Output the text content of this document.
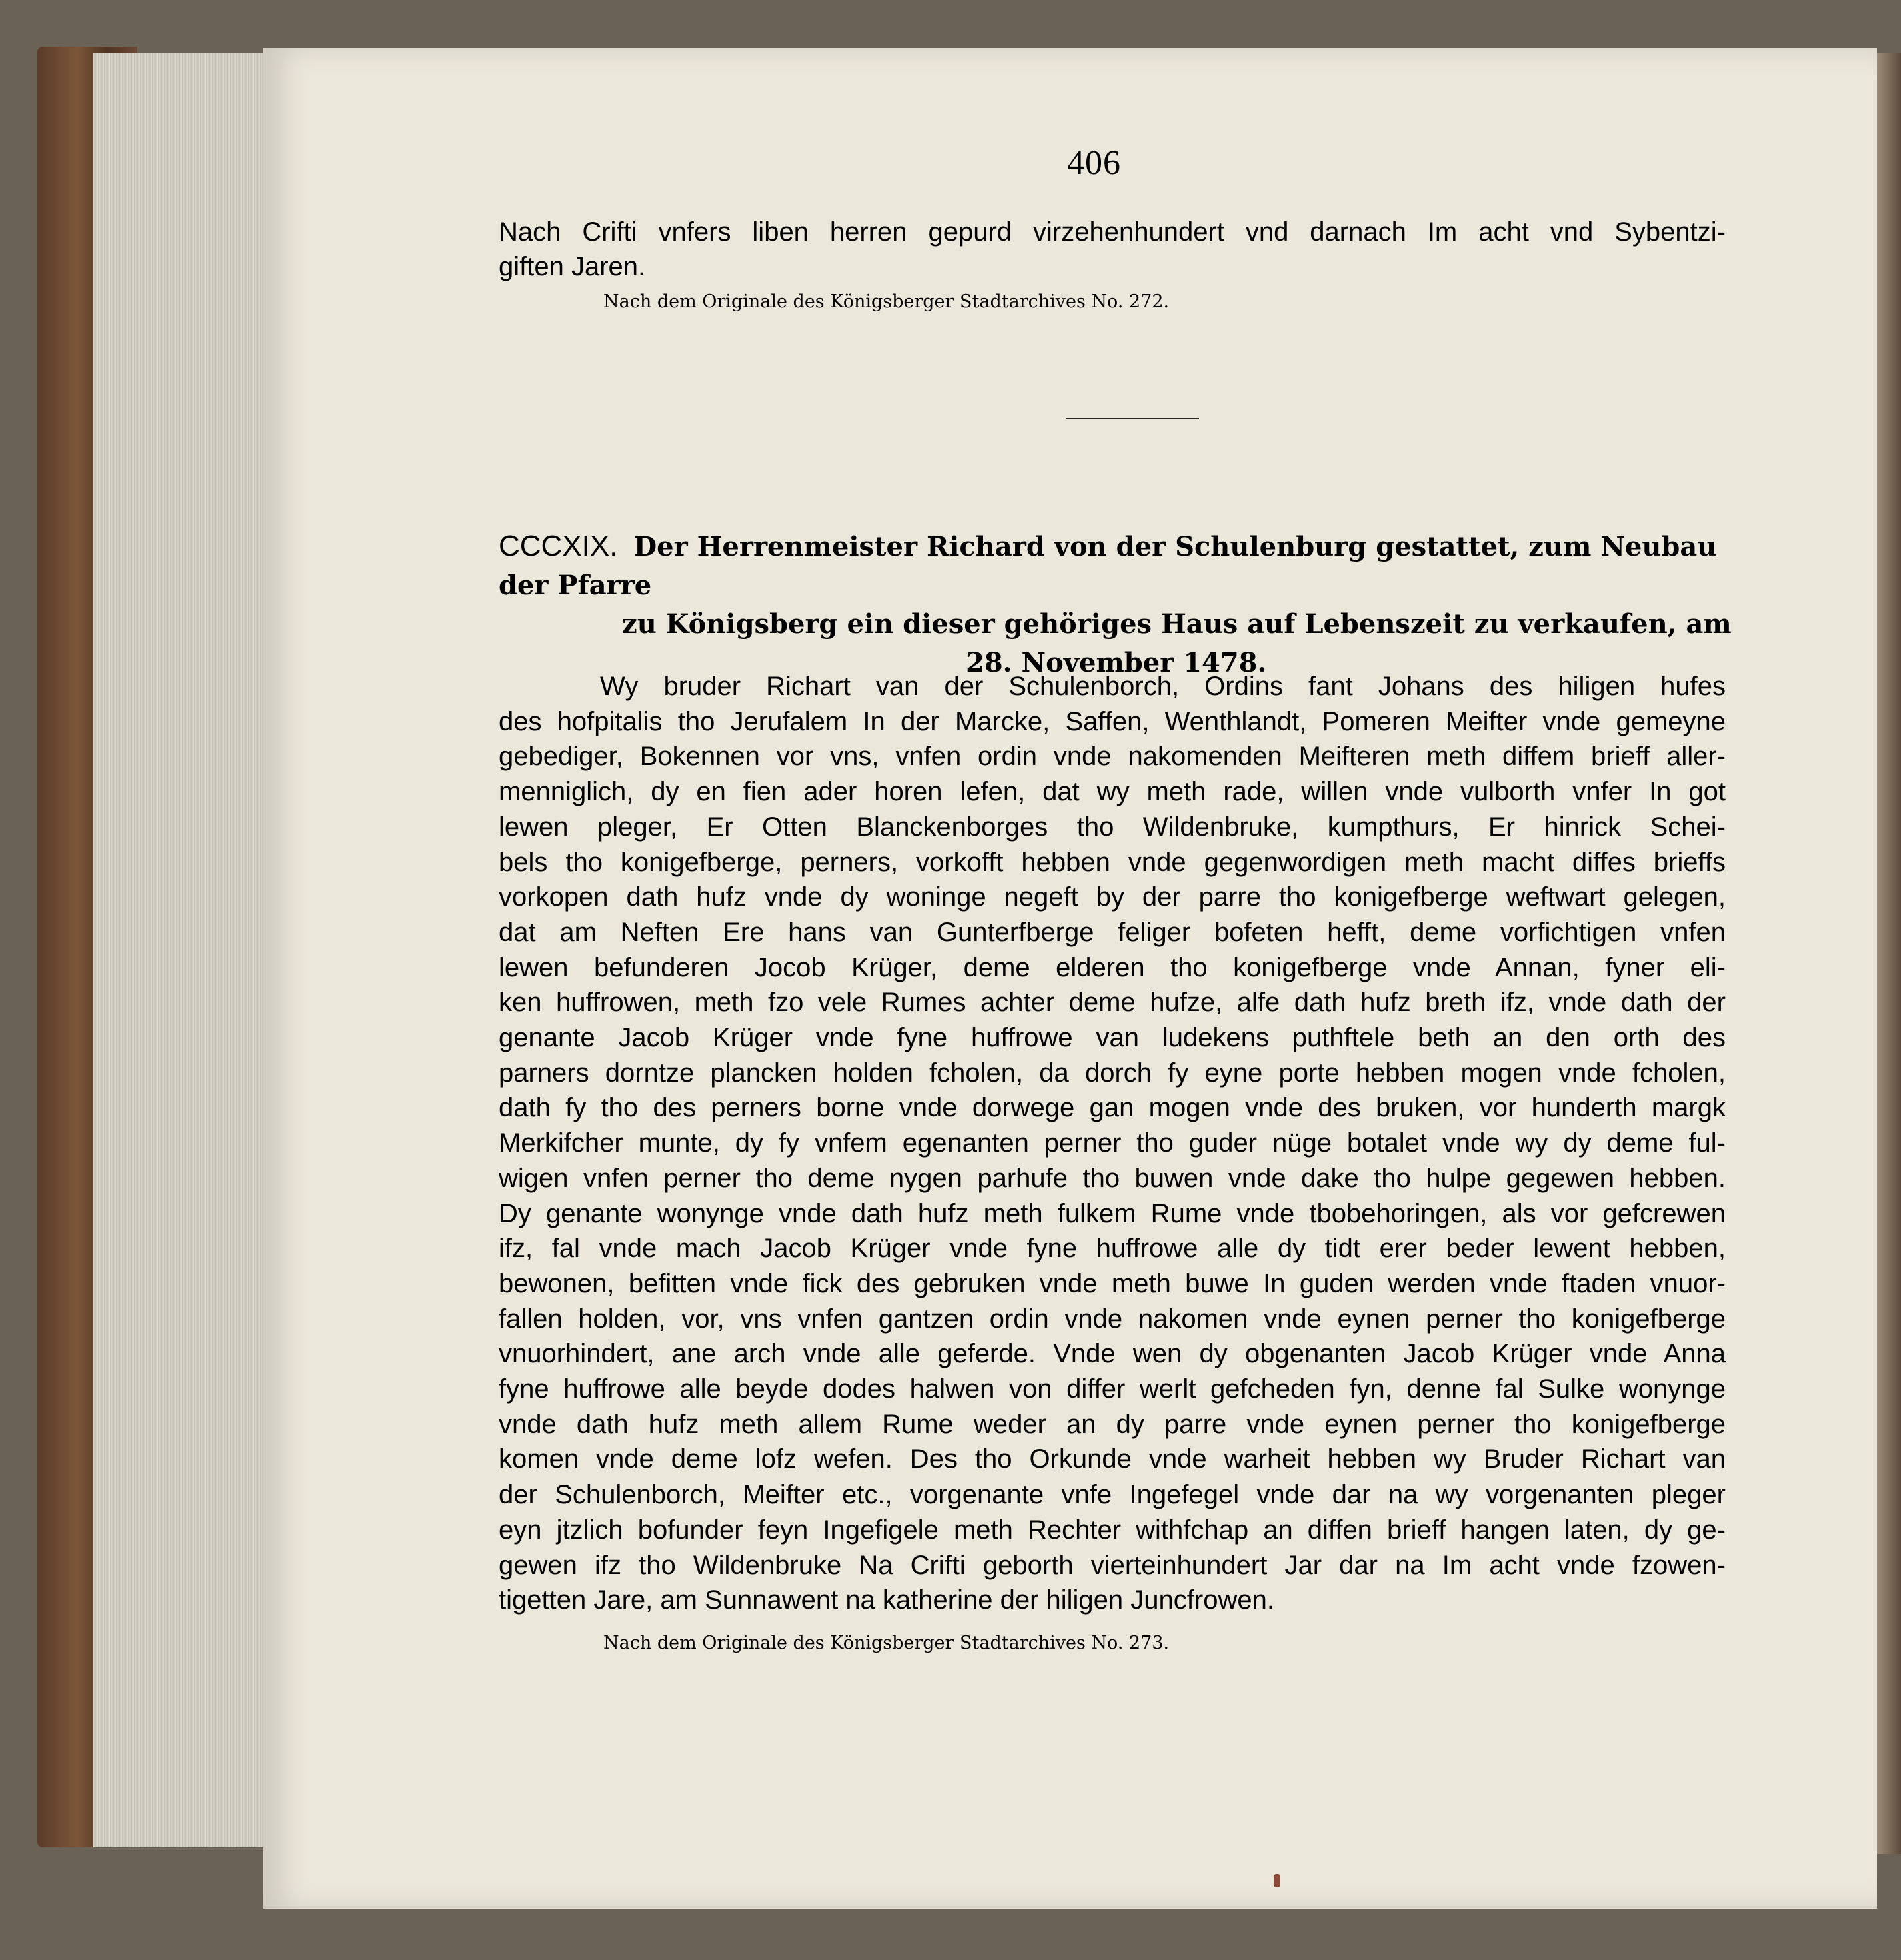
406
Nach Crifti vnfers liben herren gepurd virzehenhundert vnd darnach Im acht vnd Sybentzi-
giften Jaren.
Nach dem Originale des Königsberger Stadtarchives No. 272.
CCCXIX. Der Herrenmeister Richard von der Schulenburg gestattet, zum Neubau der Pfarre
zu Königsberg ein dieser gehöriges Haus auf Lebenszeit zu verkaufen, am
28. November 1478.
Wy bruder Richart van der Schulenborch, Ordins fant Johans des hiligen hufes
des hofpitalis tho Jerufalem In der Marcke, Saffen, Wenthlandt, Pomeren Meifter vnde gemeyne
gebediger, Bokennen vor vns, vnfen ordin vnde nakomenden Meifteren meth diffem brieff aller-
menniglich, dy en fien ader horen lefen, dat wy meth rade, willen vnde vulborth vnfer In got
lewen pleger, Er Otten Blanckenborges tho Wildenbruke, kumpthurs, Er hinrick Schei-
bels tho konigefberge, perners, vorkofft hebben vnde gegenwordigen meth macht diffes brieffs
vorkopen dath hufz vnde dy woninge negeft by der parre tho konigefberge weftwart gelegen,
dat am Neften Ere hans van Gunterfberge feliger bofeten hefft, deme vorfichtigen vnfen
lewen befunderen Jocob Krüger, deme elderen tho konigefberge vnde Annan, fyner eli-
ken huffrowen, meth fzo vele Rumes achter deme hufze, alfe dath hufz breth ifz, vnde dath der
genante Jacob Krüger vnde fyne huffrowe van ludekens puthftele beth an den orth des
parners dorntze plancken holden fcholen, da dorch fy eyne porte hebben mogen vnde fcholen,
dath fy tho des perners borne vnde dorwege gan mogen vnde des bruken, vor hunderth margk
Merkifcher munte, dy fy vnfem egenanten perner tho guder nüge botalet vnde wy dy deme ful-
wigen vnfen perner tho deme nygen parhufe tho buwen vnde dake tho hulpe gegewen hebben.
Dy genante wonynge vnde dath hufz meth fulkem Rume vnde tbobehoringen, als vor gefcrewen
ifz, fal vnde mach Jacob Krüger vnde fyne huffrowe alle dy tidt erer beder lewent hebben,
bewonen, befitten vnde fick des gebruken vnde meth buwe In guden werden vnde ftaden vnuor-
fallen holden, vor, vns vnfen gantzen ordin vnde nakomen vnde eynen perner tho konigefberge
vnuorhindert, ane arch vnde alle geferde. Vnde wen dy obgenanten Jacob Krüger vnde Anna
fyne huffrowe alle beyde dodes halwen von differ werlt gefcheden fyn, denne fal Sulke wonynge
vnde dath hufz meth allem Rume weder an dy parre vnde eynen perner tho konigefberge
komen vnde deme lofz wefen. Des tho Orkunde vnde warheit hebben wy Bruder Richart van
der Schulenborch, Meifter etc., vorgenante vnfe Ingefegel vnde dar na wy vorgenanten pleger
eyn jtzlich bofunder feyn Ingefigele meth Rechter withfchap an diffen brieff hangen laten, dy ge-
gewen ifz tho Wildenbruke Na Crifti geborth vierteinhundert Jar dar na Im acht vnde fzowen-
tigetten Jare, am Sunnawent na katherine der hiligen Juncfrowen.
Nach dem Originale des Königsberger Stadtarchives No. 273.
